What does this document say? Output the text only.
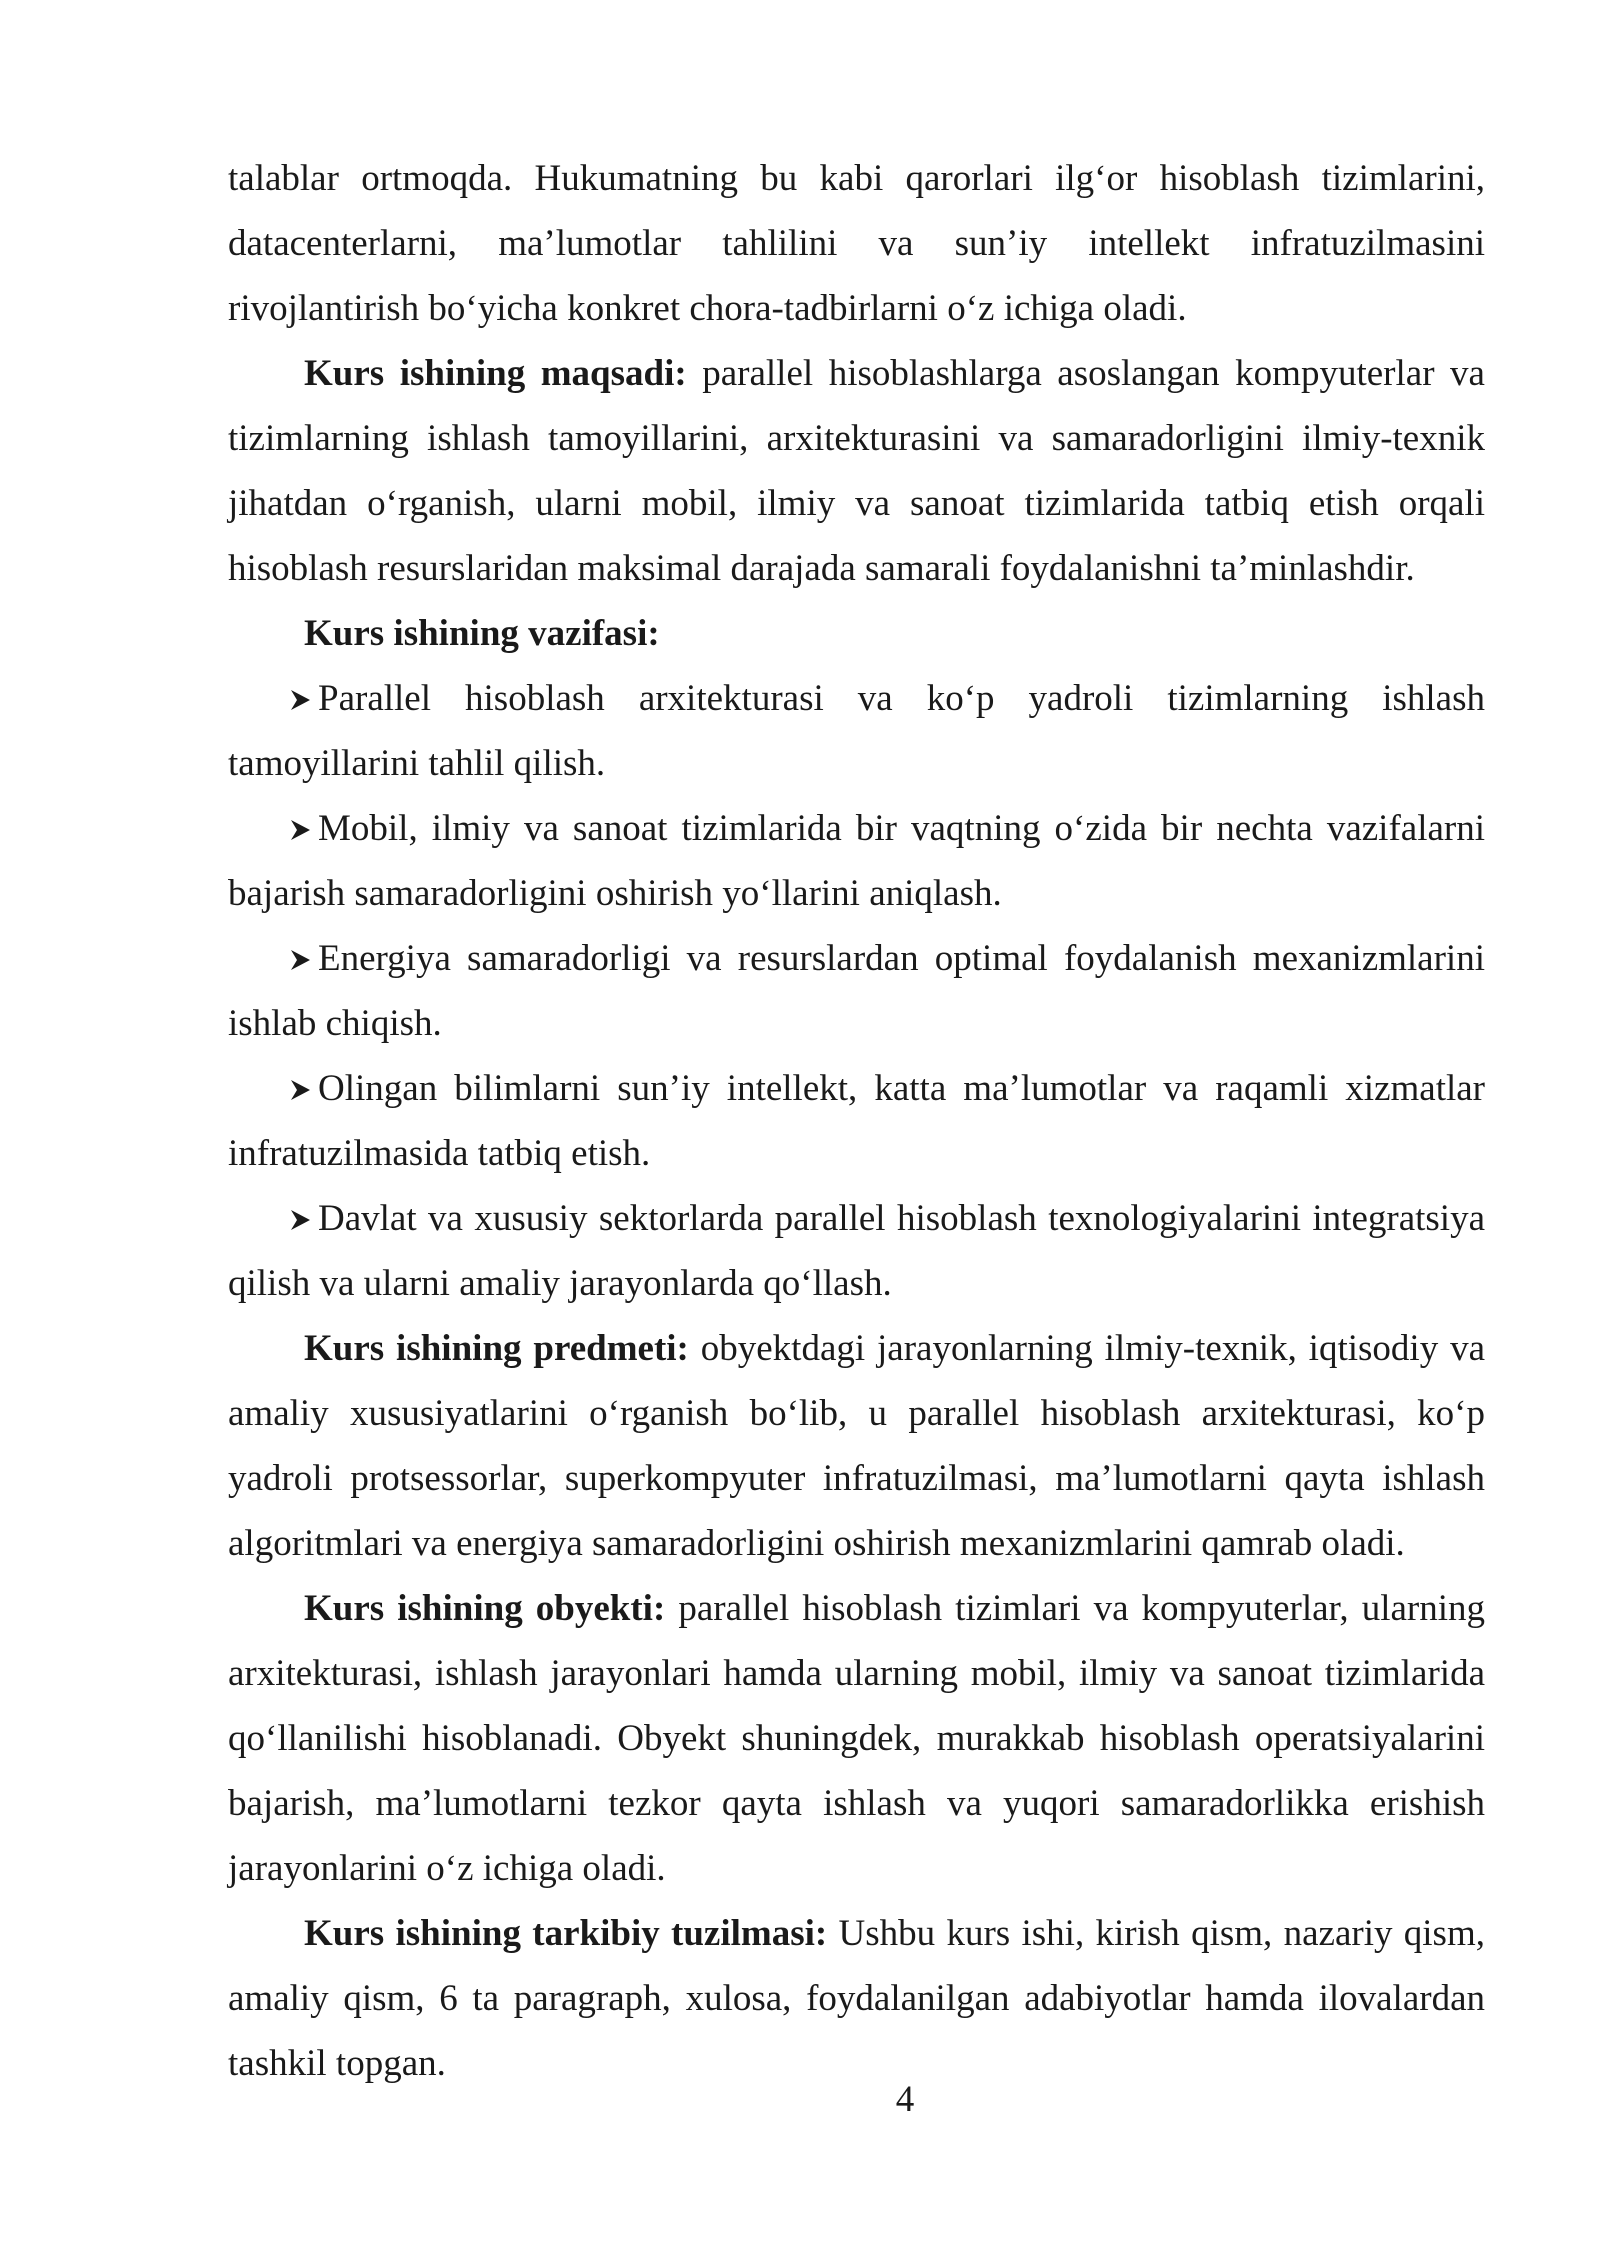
talablar ortmoqda. Hukumatning bu kabi qarorlari ilg‘or hisoblash tizimlarini, datacenterlarni, ma’lumotlar tahlilini va sun’iy intellekt infratuzilmasini rivojlantirish bo‘yicha konkret chora-tadbirlarni o‘z ichiga oladi.

Kurs ishining maqsadi: parallel hisoblashlarga asoslangan kompyuterlar va tizimlarning ishlash tamoyillarini, arxitekturasini va samaradorligini ilmiy-texnik jihatdan o‘rganish, ularni mobil, ilmiy va sanoat tizimlarida tatbiq etish orqali hisoblash resurslaridan maksimal darajada samarali foydalanishni ta’minlashdir.

Kurs ishining vazifasi:

Parallel hisoblash arxitekturasi va ko‘p yadroli tizimlarning ishlash tamoyillarini tahlil qilish.

Mobil, ilmiy va sanoat tizimlarida bir vaqtning o‘zida bir nechta vazifalarni bajarish samaradorligini oshirish yo‘llarini aniqlash.

Energiya samaradorligi va resurslardan optimal foydalanish mexanizmlarini ishlab chiqish.

Olingan bilimlarni sun’iy intellekt, katta ma’lumotlar va raqamli xizmatlar infratuzilmasida tatbiq etish.

Davlat va xususiy sektorlarda parallel hisoblash texnologiyalarini integratsiya qilish va ularni amaliy jarayonlarda qo‘llash.

Kurs ishining predmeti: obyektdagi jarayonlarning ilmiy-texnik, iqtisodiy va amaliy xususiyatlarini o‘rganish bo‘lib, u parallel hisoblash arxitekturasi, ko‘p yadroli protsessorlar, superkompyuter infratuzilmasi, ma’lumotlarni qayta ishlash algoritmlari va energiya samaradorligini oshirish mexanizmlarini qamrab oladi.

Kurs ishining obyekti: parallel hisoblash tizimlari va kompyuterlar, ularning arxitekturasi, ishlash jarayonlari hamda ularning mobil, ilmiy va sanoat tizimlarida qo‘llanilishi hisoblanadi. Obyekt shuningdek, murakkab hisoblash operatsiyalarini bajarish, ma’lumotlarni tezkor qayta ishlash va yuqori samaradorlikka erishish jarayonlarini o‘z ichiga oladi.

Kurs ishining tarkibiy tuzilmasi: Ushbu kurs ishi, kirish qism, nazariy qism, amaliy qism, 6 ta paragraph, xulosa, foydalanilgan adabiyotlar hamda ilovalardan tashkil topgan.

4
